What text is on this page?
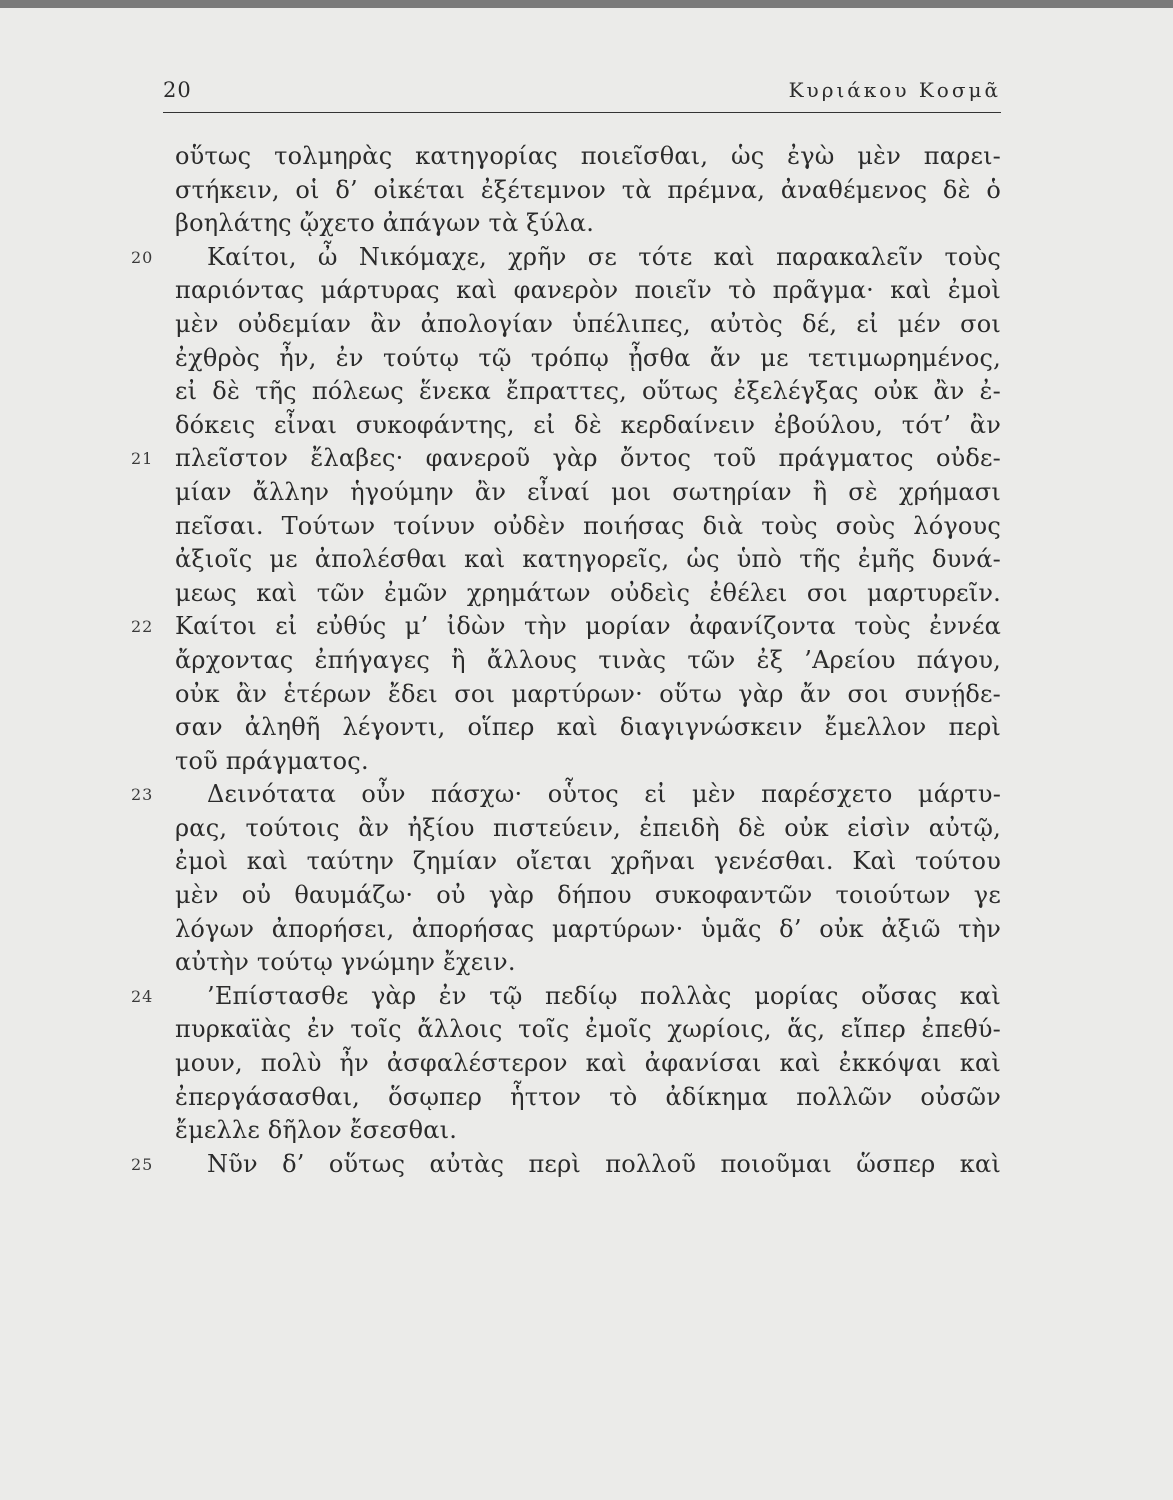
20	Κυριάκου Κοσμᾶ
οὕτως τολμηρὰς κατηγορίας ποιεῖσθαι, ὡς ἐγὼ μὲν παρει-
στήκειν, οἱ δ’ οἰκέται ἐξέτεμνον τὰ πρέμνα, ἀναθέμενος δὲ ὁ
βοηλάτης ᾤχετο ἀπάγων τὰ ξύλα.
20 Καίτοι, ὦ Νικόμαχε, χρῆν σε τότε καὶ παρακαλεῖν τοὺς
παριόντας μάρτυρας καὶ φανερὸν ποιεῖν τὸ πρᾶγμα· καὶ ἐμοὶ
μὲν οὐδεμίαν ἂν ἀπολογίαν ὑπέλιπες, αὐτὸς δέ, εἰ μέν σοι
ἐχθρὸς ἦν, ἐν τούτῳ τῷ τρόπῳ ᾖσθα ἄν με τετιμωρημένος,
εἰ δὲ τῆς πόλεως ἕνεκα ἔπραττες, οὕτως ἐξελέγξας οὐκ ἂν ἐ-
δόκεις εἶναι συκοφάντης, εἰ δὲ κερδαίνειν ἐβούλου, τότ’ ἂν
21 πλεῖστον ἔλαβες· φανεροῦ γὰρ ὄντος τοῦ πράγματος οὐδε-
μίαν ἄλλην ἡγούμην ἂν εἶναί μοι σωτηρίαν ἢ σὲ χρήμασι
πεῖσαι. Τούτων τοίνυν οὐδὲν ποιήσας διὰ τοὺς σοὺς λόγους
ἀξιοῖς με ἀπολέσθαι καὶ κατηγορεῖς, ὡς ὑπὸ τῆς ἐμῆς δυνά-
μεως καὶ τῶν ἐμῶν χρημάτων οὐδεὶς ἐθέλει σοι μαρτυρεῖν.
22 Καίτοι εἰ εὐθύς μ’ ἰδὼν τὴν μορίαν ἀφανίζοντα τοὺς ἐννέα
ἄρχοντας ἐπήγαγες ἢ ἄλλους τινὰς τῶν ἐξ ’Αρείου πάγου,
οὐκ ἂν ἑτέρων ἔδει σοι μαρτύρων· οὕτω γὰρ ἄν σοι συνῄδε-
σαν ἀληθῆ λέγοντι, οἵπερ καὶ διαγιγνώσκειν ἔμελλον περὶ
τοῦ πράγματος.
23 Δεινότατα οὖν πάσχω· οὗτος εἰ μὲν παρέσχετο μάρτυ-
ρας, τούτοις ἂν ἠξίου πιστεύειν, ἐπειδὴ δὲ οὐκ εἰσὶν αὐτῷ,
ἐμοὶ καὶ ταύτην ζημίαν οἴεται χρῆναι γενέσθαι. Καὶ τούτου
μὲν οὐ θαυμάζω· οὐ γὰρ δήπου συκοφαντῶν τοιούτων γε
λόγων ἀπορήσει, ἀπορήσας μαρτύρων· ὑμᾶς δ’ οὐκ ἀξιῶ τὴν
αὐτὴν τούτῳ γνώμην ἔχειν.
24 ’Επίστασθε γὰρ ἐν τῷ πεδίῳ πολλὰς μορίας οὔσας καὶ
πυρκαϊὰς ἐν τοῖς ἄλλοις τοῖς ἐμοῖς χωρίοις, ἅς, εἴπερ ἐπεθύ-
μουν, πολὺ ἦν ἀσφαλέστερον καὶ ἀφανίσαι καὶ ἐκκόψαι καὶ
ἐπεργάσασθαι, ὅσῳπερ ἧττον τὸ ἀδίκημα πολλῶν οὐσῶν
ἔμελλε δῆλον ἔσεσθαι.
25 Νῦν δ’ οὕτως αὐτὰς περὶ πολλοῦ ποιοῦμαι ὥσπερ καὶ
